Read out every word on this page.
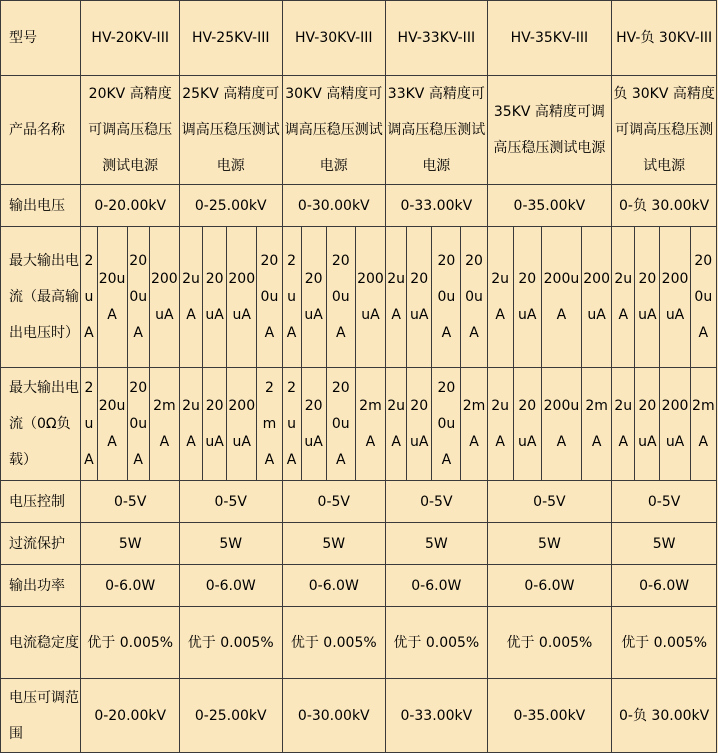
型号	HV-20KV-III				HV-25KV-III				HV-30KV-III				HV-33KV-III				HV-35KV-III				HV-负 30KV-III			
产品名称	20KV 高精度可调高压稳压测试电源				25KV 高精度可调高压稳压测试电源				30KV 高精度可调高压稳压测试电源				33KV 高精度可调高压稳压测试电源				35KV 高精度可调高压稳压测试电源				负 30KV 高精度可调高压稳压测试电源			
输出电压	0-20.00kV				0-25.00kV				0-30.00kV				0-33.00kV				0-35.00kV				0-负 30.00kV			
最大输出电流（最高输出电压时）	2uA	20uA	200uA	200uA	2uA	20uA	200uA	200uA	2uA	20uA	200uA	200uA	2uA	20uA	200uA	200uA	2uA	20uA	200uA	200uA	2uA	20uA	200uA	200uA
最大输出电流（0Ω负载）	2uA	20uA	200uA	2mA	2uA	20uA	200uA	2mA	2uA	20uA	200uA	2mA	2uA	20uA	200uA	2mA	2uA	20uA	200uA	2mA	2uA	20uA	200uA	2mA
电压控制	0-5V				0-5V				0-5V				0-5V				0-5V				0-5V			
过流保护	5W				5W				5W				5W				5W				5W			
输出功率	0-6.0W				0-6.0W				0-6.0W				0-6.0W				0-6.0W				0-6.0W			
电流稳定度	优于 0.005%				优于 0.005%				优于 0.005%				优于 0.005%				优于 0.005%				优于 0.005%			
电压可调范围	0-20.00kV				0-25.00kV				0-30.00kV				0-33.00kV				0-35.00kV				0-负 30.00kV			
